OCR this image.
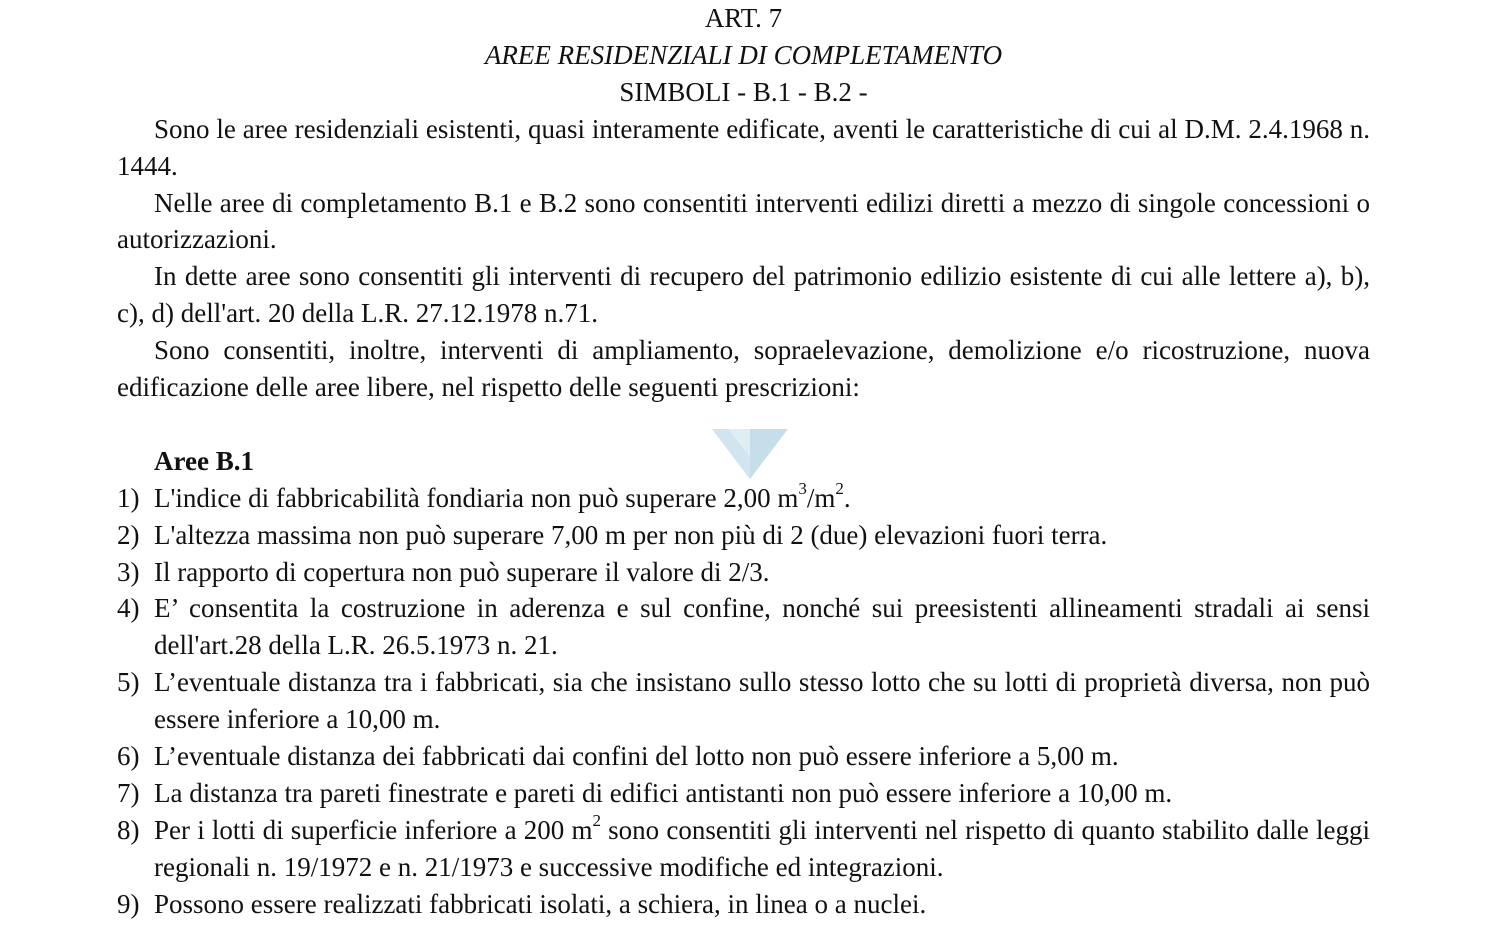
ART. 7
AREE RESIDENZIALI DI COMPLETAMENTO
SIMBOLI - B.1 - B.2 -

Sono le aree residenziali esistenti, quasi interamente edificate, aventi le caratteristiche di cui al D.M. 2.4.1968 n. 1444.

Nelle aree di completamento B.1 e B.2 sono consentiti interventi edilizi diretti a mezzo di singole concessioni o autorizzazioni.

In dette aree sono consentiti gli interventi di recupero del patrimonio edilizio esistente di cui alle lettere a), b), c), d) dell'art. 20 della L.R. 27.12.1978 n.71.

Sono consentiti, inoltre, interventi di ampliamento, sopraelevazione, demolizione e/o ricostruzione, nuova edificazione delle aree libere, nel rispetto delle seguenti prescrizioni:

Aree B.1
1) L'indice di fabbricabilità fondiaria non può superare 2,00 $m^3/m^2$.
2) L'altezza massima non può superare 7,00 m per non più di 2 (due) elevazioni fuori terra.
3) Il rapporto di copertura non può superare il valore di 2/3.
4) E’ consentita la costruzione in aderenza e sul confine, nonché sui preesistenti allineamenti stradali ai sensi dell'art.28 della L.R. 26.5.1973 n. 21.
5) L’eventuale distanza tra i fabbricati, sia che insistano sullo stesso lotto che su lotti di proprietà diversa, non può essere inferiore a 10,00 m.
6) L’eventuale distanza dei fabbricati dai confini del lotto non può essere inferiore a 5,00 m.
7) La distanza tra pareti finestrate e pareti di edifici antistanti non può essere inferiore a 10,00 m.
8) Per i lotti di superficie inferiore a 200 $m^2$ sono consentiti gli interventi nel rispetto di quanto stabilito dalle leggi regionali n. 19/1972 e n. 21/1973 e successive modifiche ed integrazioni.
9) Possono essere realizzati fabbricati isolati, a schiera, in linea o a nuclei.
